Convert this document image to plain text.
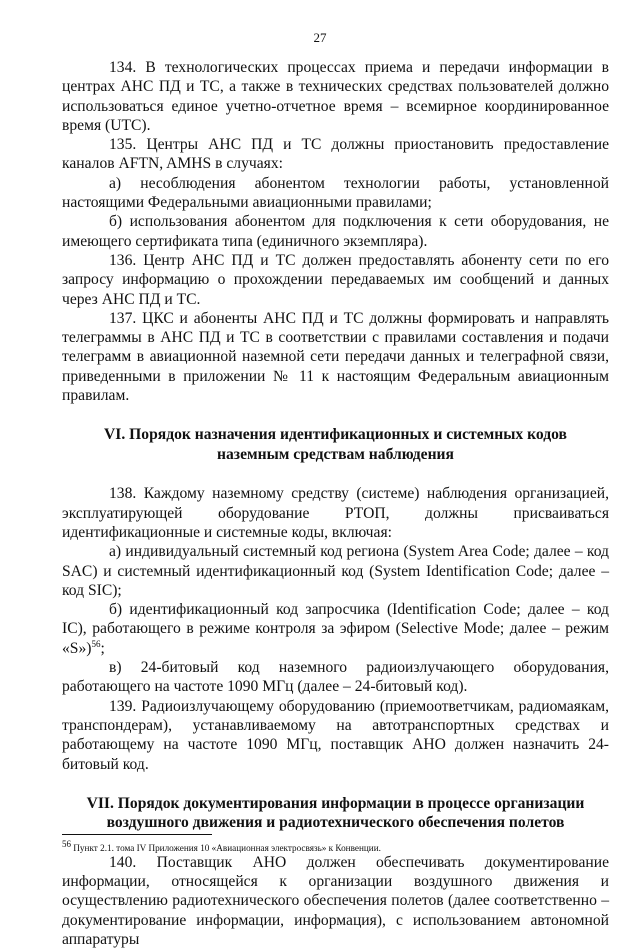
27

134. В технологических процессах приема и передачи информации в центрах АНС ПД и ТС, а также в технических средствах пользователей должно использоваться единое учетно-отчетное время – всемирное координированное время (UTC).

135. Центры АНС ПД и ТС должны приостановить предоставление каналов AFTN, AMHS в случаях:

а) несоблюдения абонентом технологии работы, установленной настоящими Федеральными авиационными правилами;

б) использования абонентом для подключения к сети оборудования, не имеющего сертификата типа (единичного экземпляра).

136. Центр АНС ПД и ТС должен предоставлять абоненту сети по его запросу информацию о прохождении передаваемых им сообщений и данных через АНС ПД и ТС.

137. ЦКС и абоненты АНС ПД и ТС должны формировать и направлять телеграммы в АНС ПД и ТС в соответствии с правилами составления и подачи телеграмм в авиационной наземной сети передачи данных и телеграфной связи, приведенными в приложении № 11 к настоящим Федеральным авиационным правилам.

VI. Порядок назначения идентификационных и системных кодов
наземным средствам наблюдения

138. Каждому наземному средству (системе) наблюдения организацией, эксплуатирующей оборудование РТОП, должны присваиваться идентификационные и системные коды, включая:

а) индивидуальный системный код региона (System Area Code; далее – код SAC) и системный идентификационный код (System Identification Code; далее – код SIC);

б) идентификационный код запросчика (Identification Code; далее – код IC), работающего в режиме контроля за эфиром (Selective Mode; далее – режим «S»)$^{56}$;

в) 24-битовый код наземного радиоизлучающего оборудования, работающего на частоте 1090 МГц (далее – 24-битовый код).

139. Радиоизлучающему оборудованию (приемоответчикам, радиомаякам, транспондерам), устанавливаемому на автотранспортных средствах и работающему на частоте 1090 МГц, поставщик АНО должен назначить 24-битовый код.

VII. Порядок документирования информации в процессе организации
воздушного движения и радиотехнического обеспечения полетов

140. Поставщик АНО должен обеспечивать документирование информации, относящейся к организации воздушного движения и осуществлению радиотехнического обеспечения полетов (далее соответственно – документирование информации, информация), с использованием автономной аппаратуры

$^{56}$ Пункт 2.1. тома IV Приложения 10 «Авиационная электросвязь» к Конвенции.
